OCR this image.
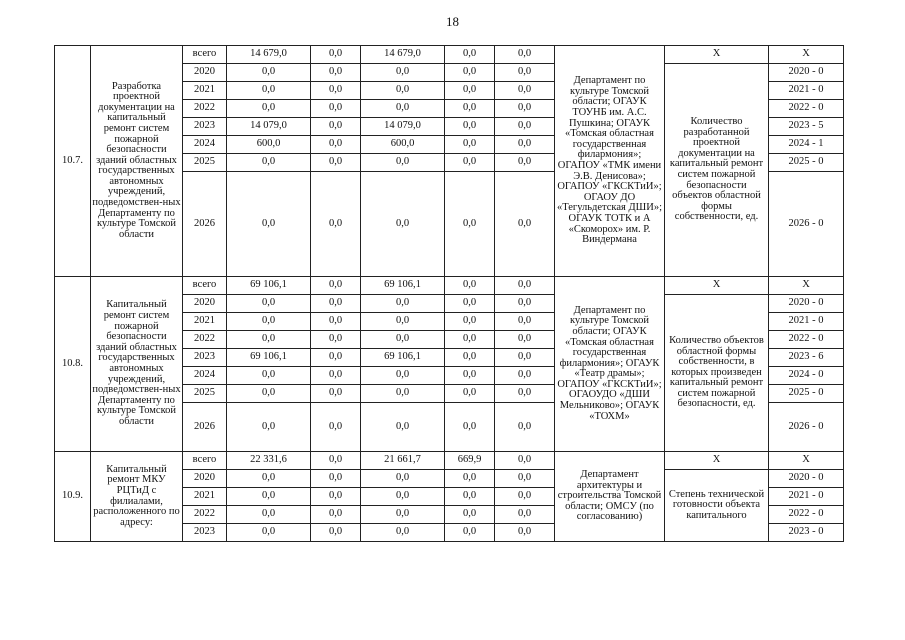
18
10.7.	Разработка проектной документации на капитальный ремонт систем пожарной безопасности зданий областных государственных автономных учреждений, подведомствен-ных Департаменту по культуре Томской области	всего	14 679,0	0,0	14 679,0	0,0	0,0	Департамент по культуре Томской области; ОГАУК ТОУНБ им. А.С. Пушкина; ОГАУК «Томская областная государственная филармония»; ОГАПОУ «ТМК имени Э.В. Денисова»; ОГАПОУ «ГКСКТиИ»; ОГАОУ ДО «Тегульдетская ДШИ»; ОГАУК ТОТК и А «Скоморох» им. Р. Виндермана	Х	Х
		2020	0,0	0,0	0,0	0,0	0,0		Количество разработанной проектной документации на капитальный ремонт систем пожарной безопасности объектов областной формы собственности, ед.	2020 - 0
		2021	0,0	0,0	0,0	0,0	0,0			2021 - 0
		2022	0,0	0,0	0,0	0,0	0,0			2022 - 0
		2023	14 079,0	0,0	14 079,0	0,0	0,0			2023 - 5
		2024	600,0	0,0	600,0	0,0	0,0			2024 - 1
		2025	0,0	0,0	0,0	0,0	0,0			2025 - 0
		2026	0,0	0,0	0,0	0,0	0,0			2026 - 0
10.8.	Капитальный ремонт систем пожарной безопасности зданий областных государственных автономных учреждений, подведомствен-ных Департаменту по культуре Томской области	всего	69 106,1	0,0	69 106,1	0,0	0,0	Департамент по культуре Томской области; ОГАУК «Томская областная государственная филармония»; ОГАУК «Театр драмы»; ОГАПОУ «ГКСКТиИ»; ОГАОУДО «ДШИ Мельниково»; ОГАУК «ТОХМ»	Х	Х
		2020	0,0	0,0	0,0	0,0	0,0		Количество объектов областной формы собственности, в которых произведен капитальный ремонт систем пожарной безопасности, ед.	2020 - 0
		2021	0,0	0,0	0,0	0,0	0,0			2021 - 0
		2022	0,0	0,0	0,0	0,0	0,0			2022 - 0
		2023	69 106,1	0,0	69 106,1	0,0	0,0			2023 - 6
		2024	0,0	0,0	0,0	0,0	0,0			2024 - 0
		2025	0,0	0,0	0,0	0,0	0,0			2025 - 0
		2026	0,0	0,0	0,0	0,0	0,0			2026 - 0
10.9.	Капитальный ремонт МКУ РЦТиД с филиалами, расположенного по адресу:	всего	22 331,6	0,0	21 661,7	669,9	0,0	Департамент архитектуры и строительства Томской области; ОМСУ (по согласованию)	Х	Х
		2020	0,0	0,0	0,0	0,0	0,0		Степень технической готовности объекта капитального	2020 - 0
		2021	0,0	0,0	0,0	0,0	0,0			2021 - 0
		2022	0,0	0,0	0,0	0,0	0,0			2022 - 0
		2023	0,0	0,0	0,0	0,0	0,0			2023 - 0
